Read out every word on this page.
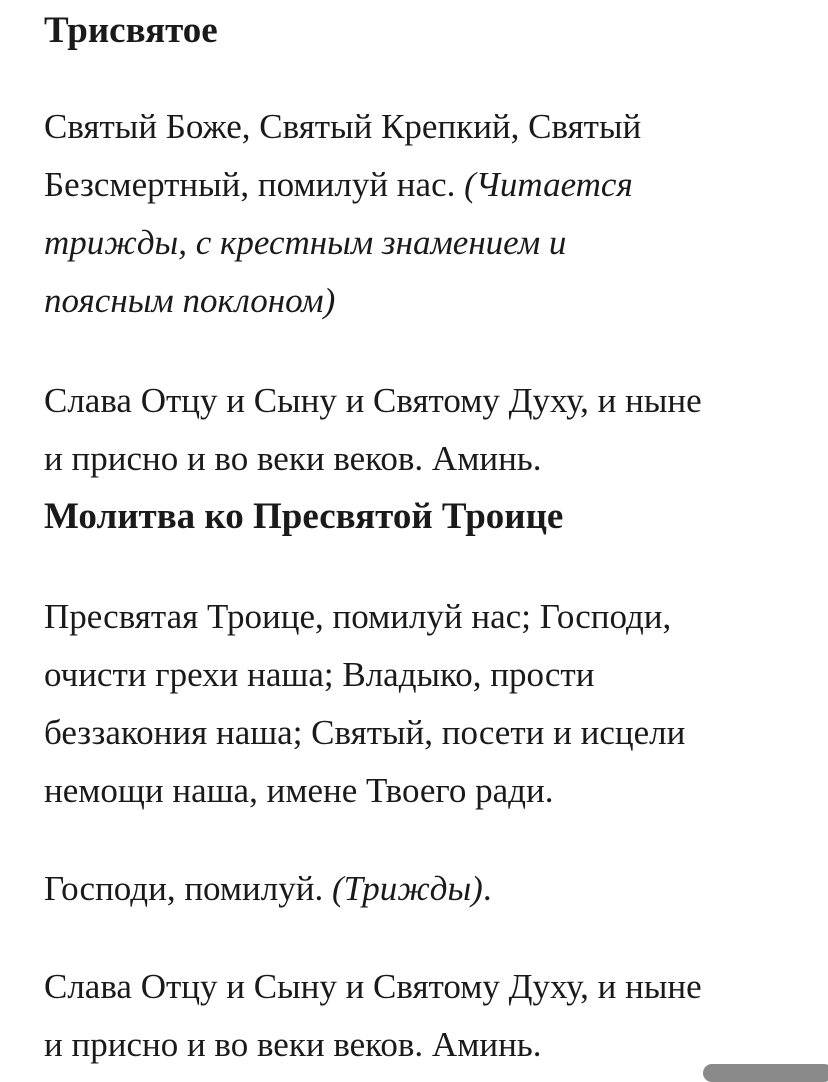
Трисвятое

Святый Боже, Святый Крепкий, Святый

Безсмертный, помилуй нас. (Читается

трижды, с крестным знамением и

поясным поклоном)

Слава Отцу и Сыну и Святому Духу, и ныне

и присно и во веки веков. Аминь.

Молитва ко Пресвятой Троице

Пресвятая Троице, помилуй нас; Господи,

очисти грехи наша; Владыко, прости

беззакония наша; Святый, посети и исцели

немощи наша, имене Твоего ради.

Господи, помилуй. (Трижды).

Слава Отцу и Сыну и Святому Духу, и ныне

и присно и во веки веков. Аминь.
